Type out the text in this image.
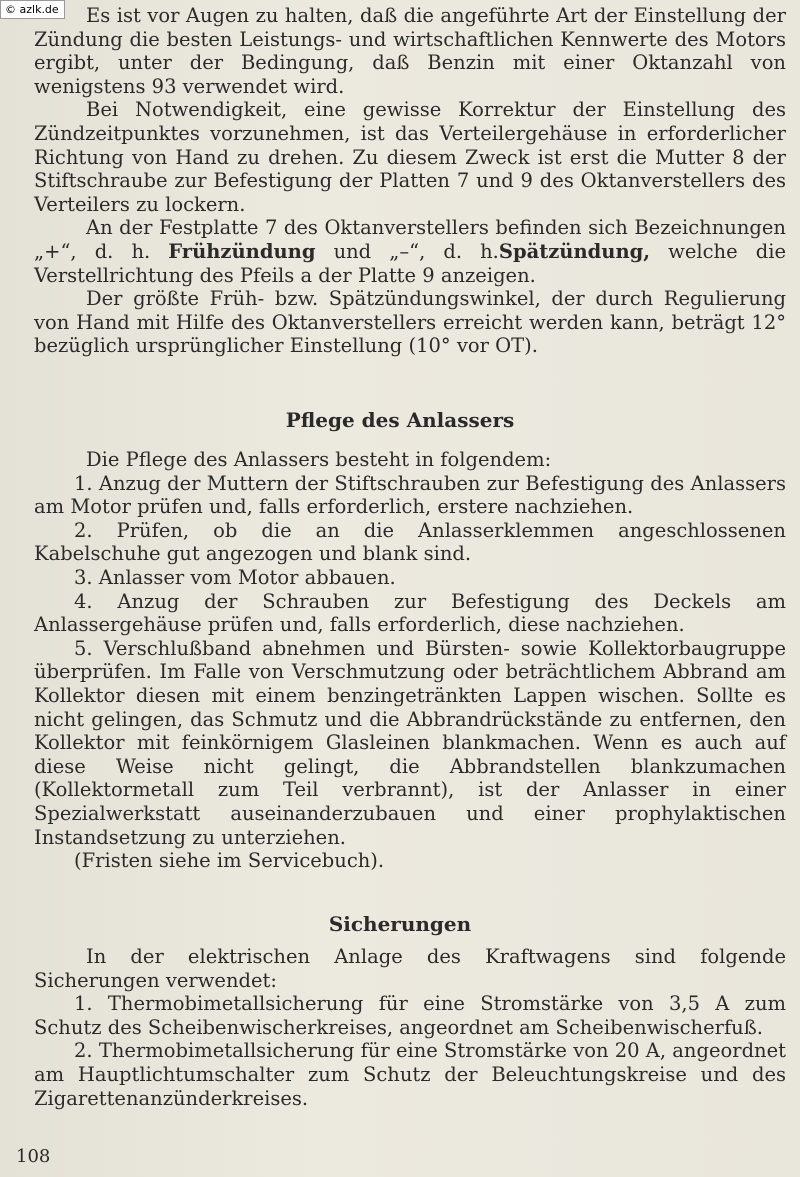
© azlk.de	Es ist vor Augen zu halten, daß die angeführte Art der Einstellung der Zündung die besten Leistungs- und wirtschaftlichen Kennwerte des Motors ergibt, unter der Bedingung, daß Benzin mit einer Oktanzahl von wenigstens 93 verwendet wird.

Bei Notwendigkeit, eine gewisse Korrektur der Einstellung des Zündzeitpunktes vorzunehmen, ist das Verteilergehäuse in erforderlicher Richtung von Hand zu drehen. Zu diesem Zweck ist erst die Mutter 8 der Stiftschraube zur Befestigung der Platten 7 und 9 des Oktanverstellers des Verteilers zu lockern.

An der Festplatte 7 des Oktanverstellers befinden sich Bezeichnungen „+“, d. h. Frühzündung und „–“, d. h.Spätzündung, welche die Verstellrichtung des Pfeils a der Platte 9 anzeigen.

Der größte Früh- bzw. Spätzündungswinkel, der durch Regulierung von Hand mit Hilfe des Oktanverstellers erreicht werden kann, beträgt 12° bezüglich ursprünglicher Einstellung (10° vor OT).

Pflege des Anlassers

Die Pflege des Anlassers besteht in folgendem:

1. Anzug der Muttern der Stiftschrauben zur Befestigung des Anlassers am Motor prüfen und, falls erforderlich, erstere nachziehen.

2. Prüfen, ob die an die Anlasserklemmen angeschlossenen Kabelschuhe gut angezogen und blank sind.

3. Anlasser vom Motor abbauen.

4. Anzug der Schrauben zur Befestigung des Deckels am Anlassergehäuse prüfen und, falls erforderlich, diese nachziehen.

5. Verschlußband abnehmen und Bürsten- sowie Kollektorbaugruppe überprüfen. Im Falle von Verschmutzung oder beträchtlichem Abbrand am Kollektor diesen mit einem benzingetränkten Lappen wischen. Sollte es nicht gelingen, das Schmutz und die Abbrandrückstände zu entfernen, den Kollektor mit feinkörnigem Glasleinen blankmachen. Wenn es auch auf diese Weise nicht gelingt, die Abbrandstellen blankzumachen (Kollektormetall zum Teil verbrannt), ist der Anlasser in einer Spezialwerkstatt auseinanderzubauen und einer prophylaktischen Instandsetzung zu unterziehen.

(Fristen siehe im Servicebuch).

Sicherungen

In der elektrischen Anlage des Kraftwagens sind folgende Sicherungen verwendet:

1. Thermobimetallsicherung für eine Stromstärke von 3,5 A zum Schutz des Scheibenwischerkreises, angeordnet am Scheibenwischerfuß.

2. Thermobimetallsicherung für eine Stromstärke von 20 A, angeordnet am Hauptlichtumschalter zum Schutz der Beleuchtungskreise und des Zigarettenanzünderkreises.

108
